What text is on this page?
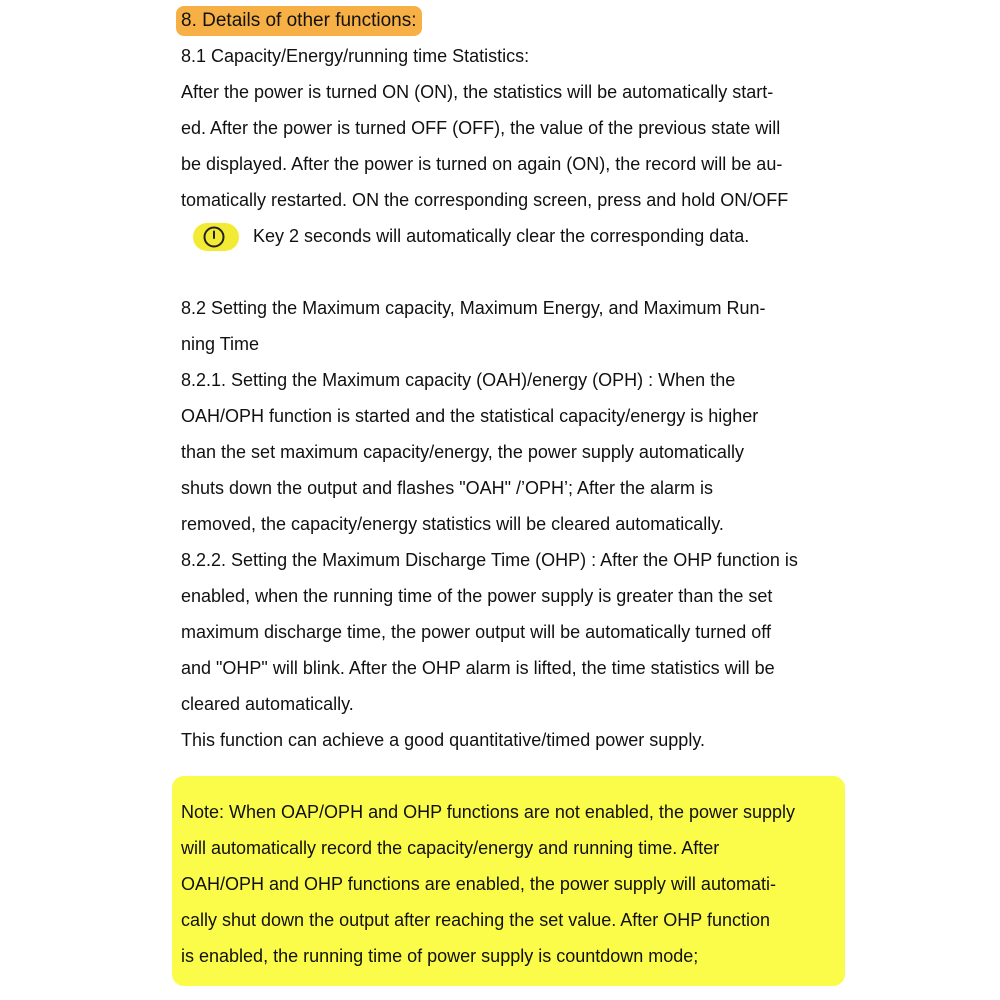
8. Details of other functions:
8.1 Capacity/Energy/running time Statistics:
After the power is turned ON (ON), the statistics will be automatically start-
ed. After the power is turned OFF (OFF), the value of the previous state will
be displayed. After the power is turned on again (ON), the record will be au-
tomatically restarted. ON the corresponding screen, press and hold ON/OFF
Key 2 seconds will automatically clear the corresponding data.
8.2 Setting the Maximum capacity, Maximum Energy, and Maximum Run-
ning Time
8.2.1. Setting the Maximum capacity (OAH)/energy (OPH) : When the
OAH/OPH function is started and the statistical capacity/energy is higher
than the set maximum capacity/energy, the power supply automatically
shuts down the output and flashes "OAH" /’OPH’; After the alarm is
removed, the capacity/energy statistics will be cleared automatically.
8.2.2. Setting the Maximum Discharge Time (OHP) : After the OHP function is
enabled, when the running time of the power supply is greater than the set
maximum discharge time, the power output will be automatically turned off
and "OHP" will blink. After the OHP alarm is lifted, the time statistics will be
cleared automatically.
This function can achieve a good quantitative/timed power supply.
Note: When OAP/OPH and OHP functions are not enabled, the power supply
will automatically record the capacity/energy and running time. After
OAH/OPH and OHP functions are enabled, the power supply will automati-
cally shut down the output after reaching the set value. After OHP function
is enabled, the running time of power supply is countdown mode;
